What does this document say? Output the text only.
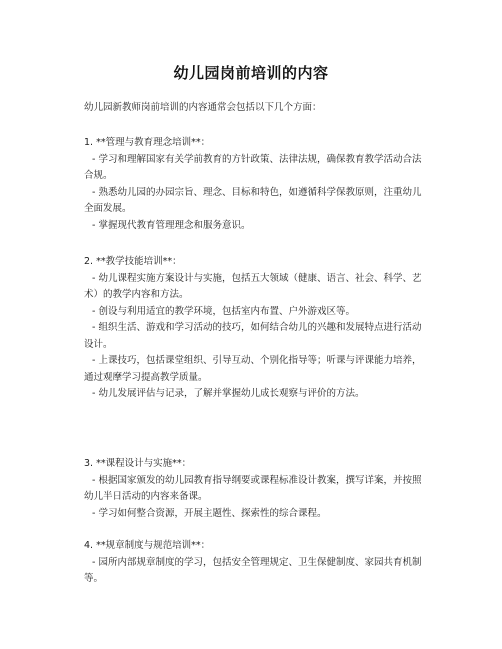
幼儿园岗前培训的内容
幼儿园新教师岗前培训的内容通常会包括以下几个方面：

1. **管理与教育理念培训**：

- 学习和理解国家有关学前教育的方针政策、法律法规，确保教育教学活动合法合规。

- 熟悉幼儿园的办园宗旨、理念、目标和特色，如遵循科学保教原则，注重幼儿全面发展。

- 掌握现代教育管理理念和服务意识。

2. **教学技能培训**：

- 幼儿课程实施方案设计与实施，包括五大领域（健康、语言、社会、科学、艺术）的教学内容和方法。

- 创设与利用适宜的教学环境，包括室内布置、户外游戏区等。

- 组织生活、游戏和学习活动的技巧，如何结合幼儿的兴趣和发展特点进行活动设计。

- 上课技巧，包括课堂组织、引导互动、个别化指导等；听课与评课能力培养，通过观摩学习提高教学质量。

- 幼儿发展评估与记录，了解并掌握幼儿成长观察与评价的方法。

3. **课程设计与实施**：

- 根据国家颁发的幼儿园教育指导纲要或课程标准设计教案，撰写详案，并按照幼儿半日活动的内容来备课。

- 学习如何整合资源，开展主题性、探索性的综合课程。

4. **规章制度与规范培训**：

- 园所内部规章制度的学习，包括安全管理规定、卫生保健制度、家园共育机制等。
